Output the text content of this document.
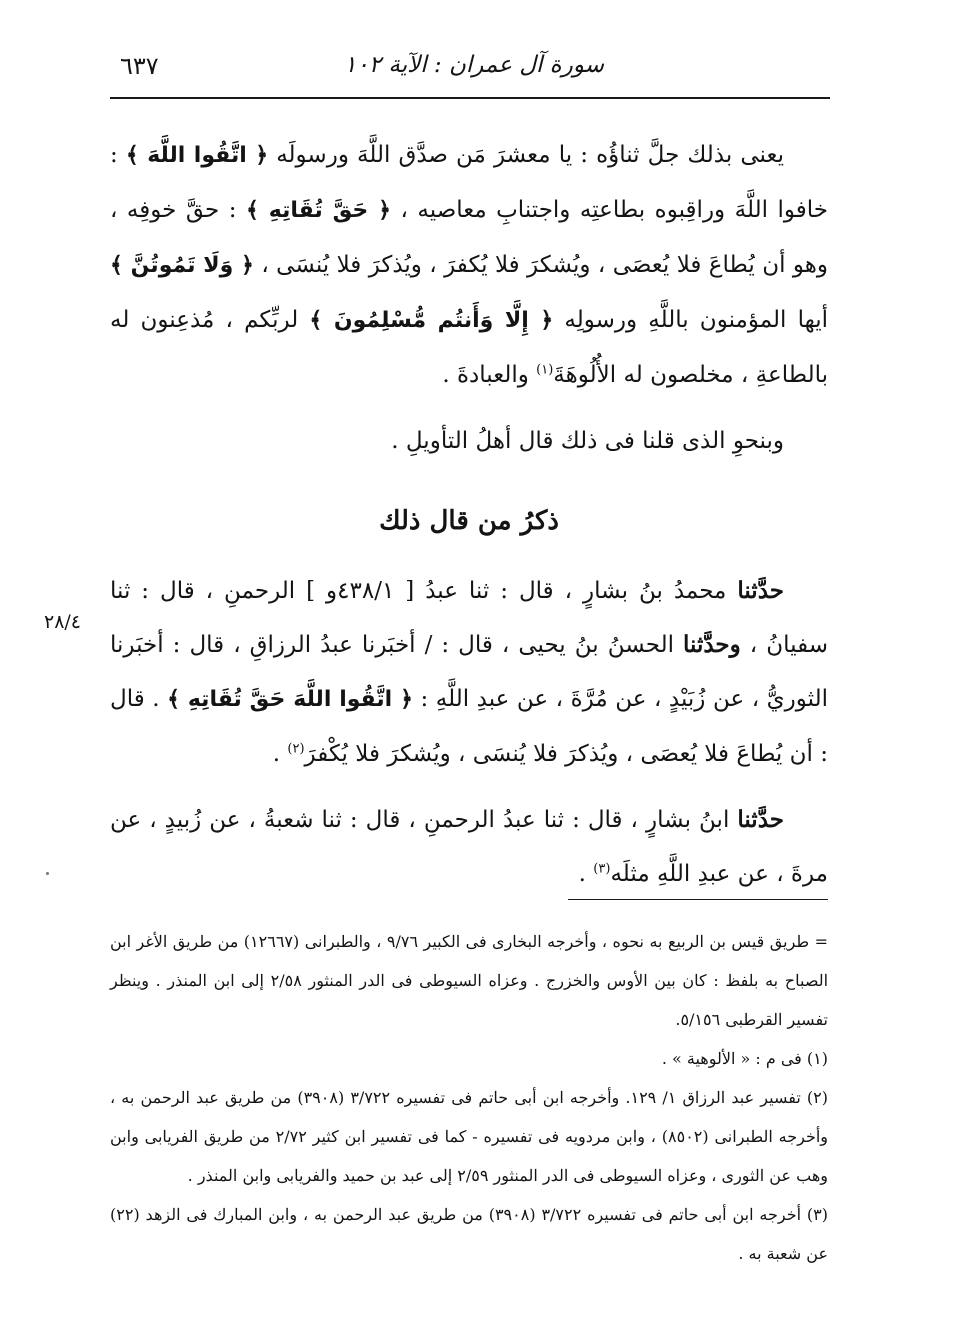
سورة آل عمران : الآية ١٠٢
٦٣٧

يعنى بذلك جلَّ ثناؤُه : يا معشرَ مَن صدَّق اللَّهَ ورسولَه ﴿ اتَّقُوا اللَّهَ ﴾ : خافوا اللَّهَ وراقِبوه بطاعتِه واجتنابِ معاصيه ، ﴿ حَقَّ تُقَاتِهِ ﴾ : حقَّ خوفِه ، وهو أن يُطاعَ فلا يُعصَى ، ويُشكرَ فلا يُكفرَ ، ويُذكرَ فلا يُنسَى ، ﴿ وَلَا تَمُوتُنَّ ﴾ أيها المؤمنون باللَّهِ ورسولِه ﴿ إِلَّا وَأَنتُم مُّسْلِمُونَ ﴾ لربِّكم ، مُذعِنون له بالطاعةِ ، مخلصون له الأُلُوهَةَ$^{(١)}$ والعبادةَ .

وبنحوِ الذى قلنا فى ذلك قال أهلُ التأويلِ .

ذكرُ من قال ذلك

حدَّثنا محمدُ بنُ بشارٍ ، قال : ثنا عبدُ [ ٤٣٨/١و ] الرحمنِ ، قال : ثنا سفيانُ ، وحدَّثنا الحسنُ بنُ يحيى ، قال : / أخبَرنا عبدُ الرزاقِ ، قال : أخبَرنا الثوريُّ ، عن زُبَيْدٍ ، عن مُرَّةَ ، عن عبدِ اللَّهِ : ﴿ اتَّقُوا اللَّهَ حَقَّ تُقَاتِهِ ﴾ . قال : أن يُطاعَ فلا يُعصَى ، ويُذكرَ فلا يُنسَى ، ويُشكرَ فلا يُكْفرَ$^{(٢)}$ .

حدَّثنا ابنُ بشارٍ ، قال : ثنا عبدُ الرحمنِ ، قال : ثنا شعبةُ ، عن زُبيدٍ ، عن مرةَ ، عن عبدِ اللَّهِ مثلَه$^{(٣)}$ .

٢٨/٤

= طريق قيس بن الربيع به نحوه ، وأخرجه البخارى فى الكبير ٩/٧٦ ، والطبرانى (١٢٦٦٧) من طريق الأغر ابن الصباح به بلفظ : كان بين الأوس والخزرج . وعزاه السيوطى فى الدر المنثور ٢/٥٨ إلى ابن المنذر . وينظر تفسير القرطبى ٥/١٥٦.

(١) فى م : « الألوهية » .

(٢) تفسير عبد الرزاق ١/ ١٢٩. وأخرجه ابن أبى حاتم فى تفسيره ٣/٧٢٢ (٣٩٠٨) من طريق عبد الرحمن به ، وأخرجه الطبرانى (٨٥٠٢) ، وابن مردويه فى تفسيره - كما فى تفسير ابن كثير ٢/٧٢ من طريق الفريابى وابن وهب عن الثورى ، وعزاه السيوطى فى الدر المنثور ٢/٥٩ إلى عبد بن حميد والفريابى وابن المنذر .

(٣) أخرجه ابن أبى حاتم فى تفسيره ٣/٧٢٢ (٣٩٠٨) من طريق عبد الرحمن به ، وابن المبارك فى الزهد (٢٢) عن شعبة به .
